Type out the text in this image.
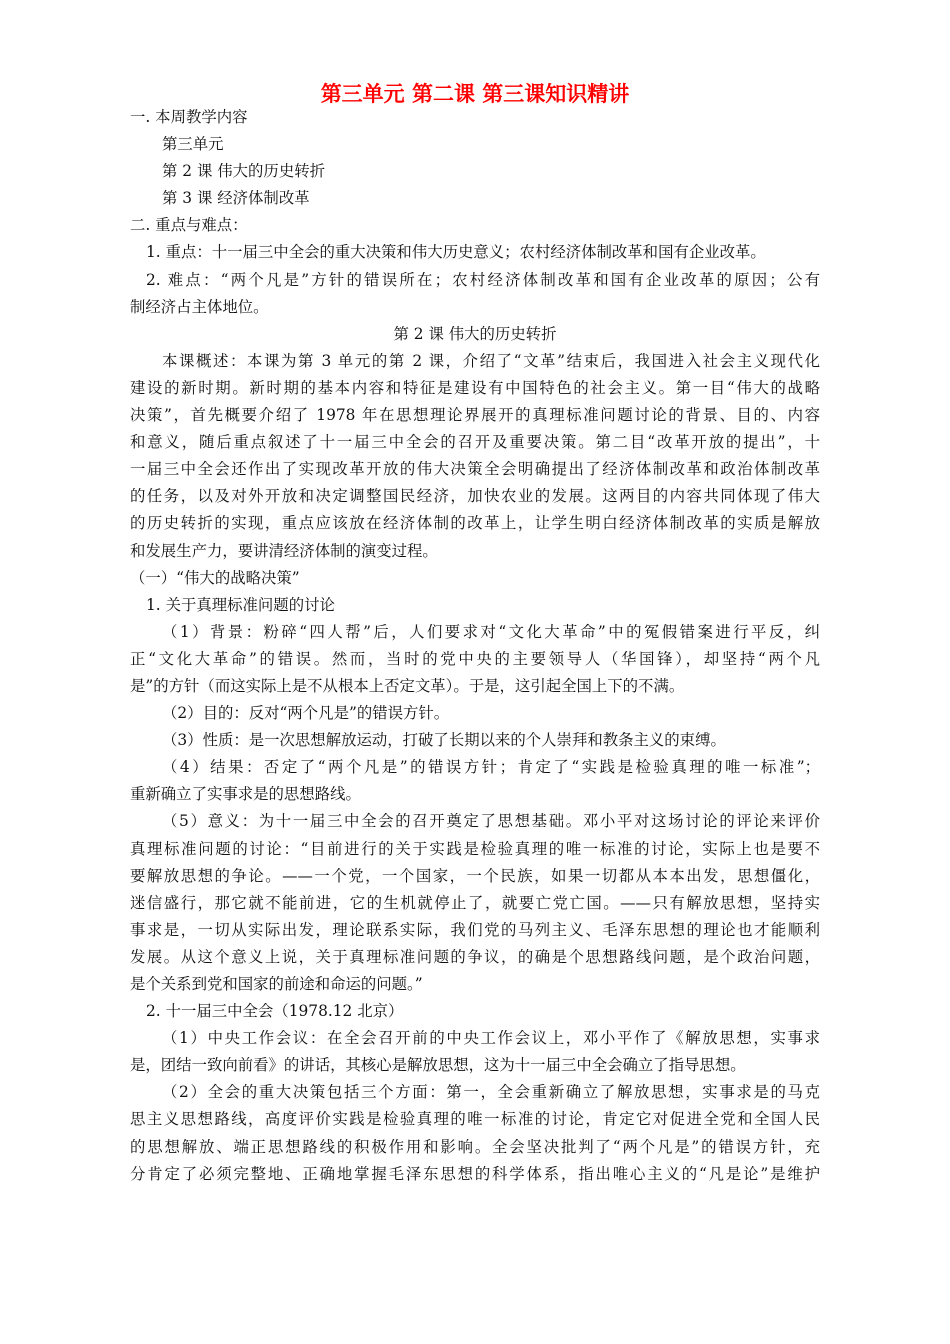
第三单元 第二课 第三课知识精讲
一. 本周教学内容
第三单元
第 2 课 伟大的历史转折
第 3 课 经济体制改革
二. 重点与难点：
1. 重点：十一届三中全会的重大决策和伟大历史意义；农村经济体制改革和国有企业改革。
2. 难点：“两个凡是”方针的错误所在；农村经济体制改革和国有企业改革的原因；公有
制经济占主体地位。
第 2 课 伟大的历史转折
本课概述：本课为第 3 单元的第 2 课，介绍了“文革”结束后，我国进入社会主义现代化
建设的新时期。新时期的基本内容和特征是建设有中国特色的社会主义。第一目“伟大的战略
决策”，首先概要介绍了 1978 年在思想理论界展开的真理标准问题讨论的背景、目的、内容
和意义，随后重点叙述了十一届三中全会的召开及重要决策。第二目“改革开放的提出”，十
一届三中全会还作出了实现改革开放的伟大决策全会明确提出了经济体制改革和政治体制改革
的任务，以及对外开放和决定调整国民经济，加快农业的发展。这两目的内容共同体现了伟大
的历史转折的实现，重点应该放在经济体制的改革上，让学生明白经济体制改革的实质是解放
和发展生产力，要讲清经济体制的演变过程。
（一）“伟大的战略决策”
1. 关于真理标准问题的讨论
（1）背景：粉碎“四人帮”后，人们要求对“文化大革命”中的冤假错案进行平反，纠
正“文化大革命”的错误。然而，当时的党中央的主要领导人（华国锋），却坚持“两个凡
是”的方针（而这实际上是不从根本上否定文革）。于是，这引起全国上下的不满。
（2）目的：反对“两个凡是”的错误方针。
（3）性质：是一次思想解放运动，打破了长期以来的个人崇拜和教条主义的束缚。
（4）结果：否定了“两个凡是”的错误方针；肯定了“实践是检验真理的唯一标准”；
重新确立了实事求是的思想路线。
（5）意义：为十一届三中全会的召开奠定了思想基础。邓小平对这场讨论的评论来评价
真理标准问题的讨论：“目前进行的关于实践是检验真理的唯一标准的讨论，实际上也是要不
要解放思想的争论。——一个党，一个国家，一个民族，如果一切都从本本出发，思想僵化，
迷信盛行，那它就不能前进，它的生机就停止了，就要亡党亡国。——只有解放思想，坚持实
事求是，一切从实际出发，理论联系实际，我们党的马列主义、毛泽东思想的理论也才能顺利
发展。从这个意义上说，关于真理标准问题的争议，的确是个思想路线问题，是个政治问题，
是个关系到党和国家的前途和命运的问题。”
2. 十一届三中全会（1978.12 北京）
（1）中央工作会议：在全会召开前的中央工作会议上，邓小平作了《解放思想，实事求
是，团结一致向前看》的讲话，其核心是解放思想，这为十一届三中全会确立了指导思想。
（2）全会的重大决策包括三个方面：第一，全会重新确立了解放思想，实事求是的马克
思主义思想路线，高度评价实践是检验真理的唯一标准的讨论，肯定它对促进全党和全国人民
的思想解放、端正思想路线的积极作用和影响。全会坚决批判了“两个凡是”的错误方针，充
分肯定了必须完整地、正确地掌握毛泽东思想的科学体系，指出唯心主义的“凡是论”是维护
